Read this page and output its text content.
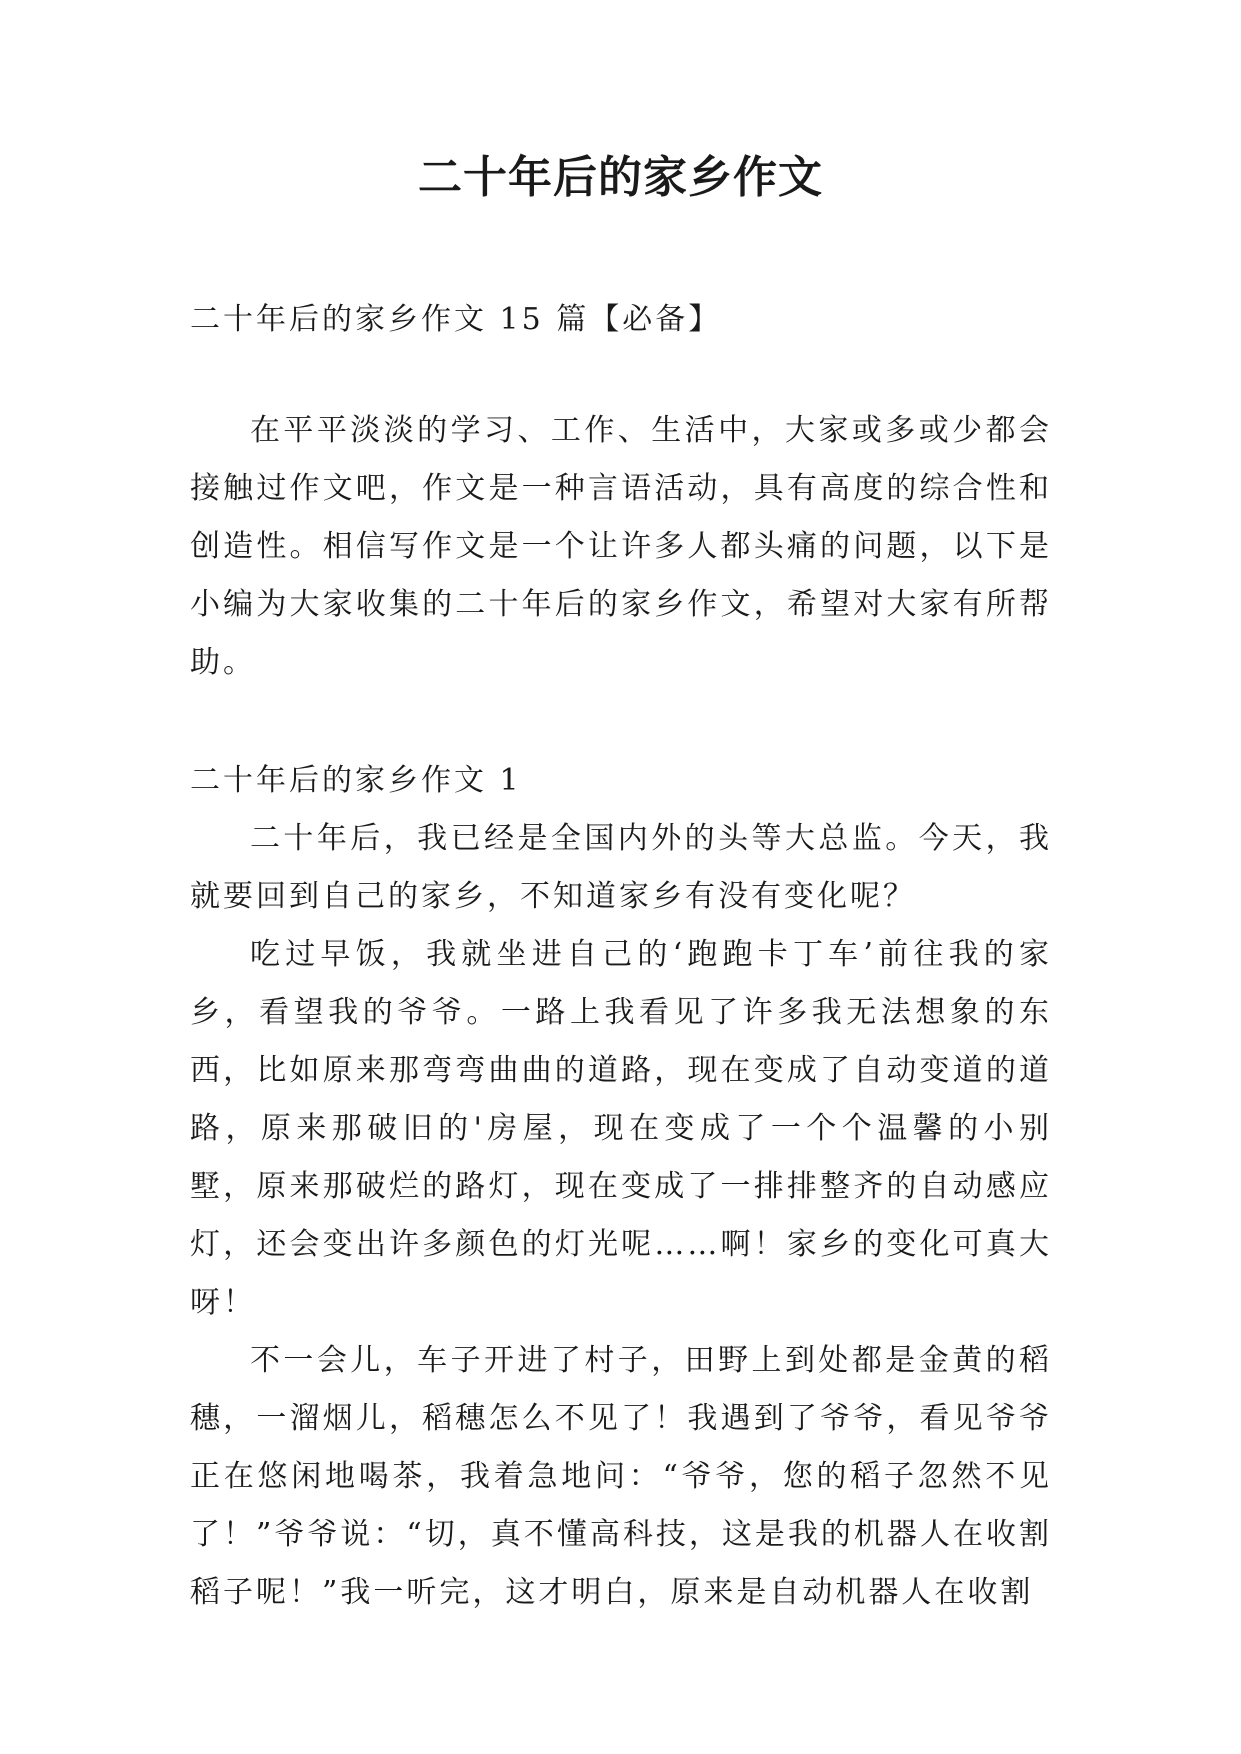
二十年后的家乡作文

二十年后的家乡作文 15 篇【必备】

在平平淡淡的学习、工作、生活中，大家或多或少都会接触过作文吧，作文是一种言语活动，具有高度的综合性和创造性。相信写作文是一个让许多人都头痛的问题，以下是小编为大家收集的二十年后的家乡作文，希望对大家有所帮助。

二十年后的家乡作文 1

二十年后，我已经是全国内外的头等大总监。今天，我就要回到自己的家乡，不知道家乡有没有变化呢？

吃过早饭，我就坐进自己的‘跑跑卡丁车’前往我的家乡，看望我的爷爷。一路上我看见了许多我无法想象的东西，比如原来那弯弯曲曲的道路，现在变成了自动变道的道路，原来那破旧的'房屋，现在变成了一个个温馨的小别墅，原来那破烂的路灯，现在变成了一排排整齐的自动感应灯，还会变出许多颜色的灯光呢……啊！家乡的变化可真大呀！

不一会儿，车子开进了村子，田野上到处都是金黄的稻穗，一溜烟儿，稻穗怎么不见了！我遇到了爷爷，看见爷爷正在悠闲地喝茶，我着急地问：“爷爷，您的稻子忽然不见了！”爷爷说：“切，真不懂高科技，这是我的机器人在收割稻子呢！”我一听完，这才明白，原来是自动机器人在收割
